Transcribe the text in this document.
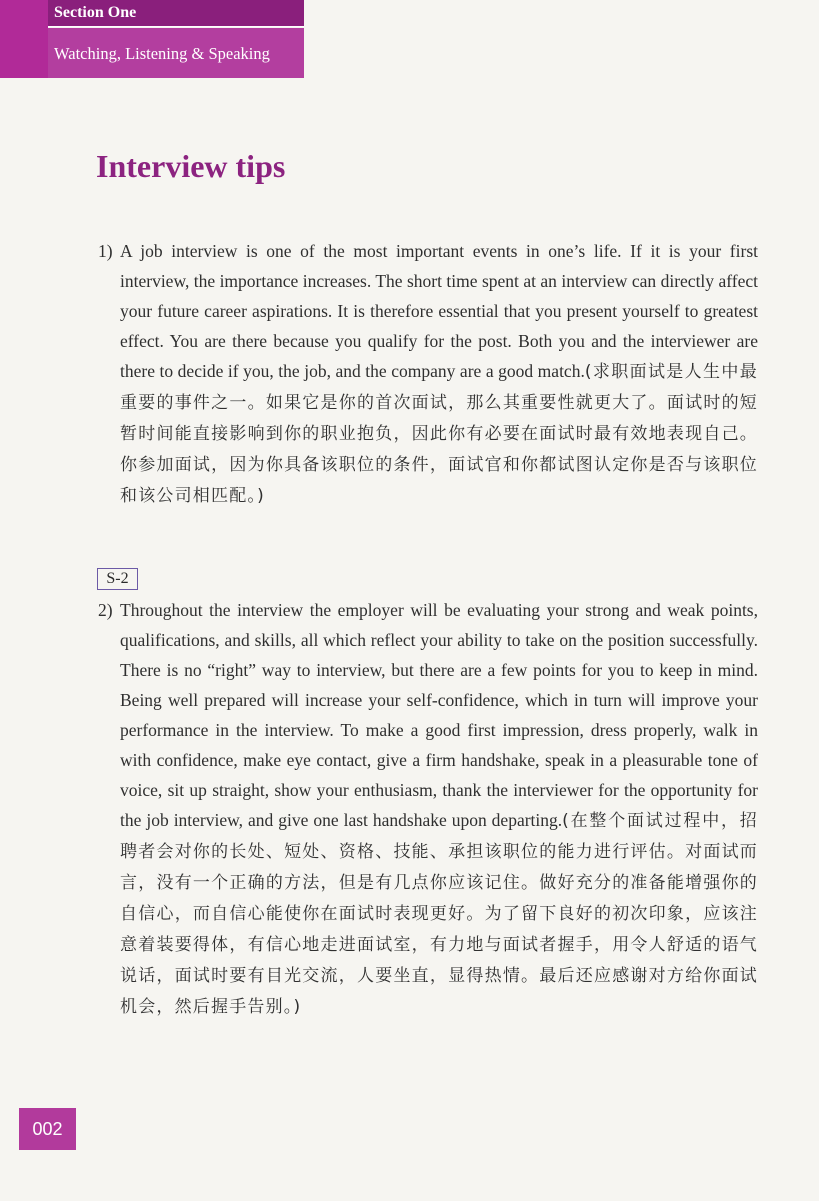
Section One
Watching, Listening & Speaking
Interview tips
1) A job interview is one of the most important events in one’s life. If it is your first interview, the importance increases. The short time spent at an interview can directly affect your future career aspirations. It is therefore essential that you present yourself to greatest effect. You are there because you qualify for the post. Both you and the interviewer are there to decide if you, the job, and the company are a good match.(求职面试是人生中最重要的事件之一。如果它是你的首次面试，那么其重要性就更大了。面试时的短暂时间能直接影响到你的职业抱负，因此你有必要在面试时最有效地表现自己。你参加面试，因为你具备该职位的条件，面试官和你都试图认定你是否与该职位和该公司相匹配。)
S-2
2) Throughout the interview the employer will be evaluating your strong and weak points, qualifications, and skills, all which reflect your ability to take on the position successfully. There is no “right” way to interview, but there are a few points for you to keep in mind. Being well prepared will increase your self-confidence, which in turn will improve your performance in the interview. To make a good first impression, dress properly, walk in with confidence, make eye contact, give a firm handshake, speak in a pleasurable tone of voice, sit up straight, show your enthusiasm, thank the interviewer for the opportunity for the job interview, and give one last handshake upon departing.(在整个面试过程中，招聘者会对你的长处、短处、资格、技能、承担该职位的能力进行评估。对面试而言，没有一个正确的方法，但是有几点你应该记住。做好充分的准备能增强你的自信心，而自信心能使你在面试时表现更好。为了留下良好的初次印象，应该注意着装要得体，有信心地走进面试室，有力地与面试者握手，用令人舒适的语气说话，面试时要有目光交流，人要坐直，显得热情。最后还应感谢对方给你面试机会，然后握手告别。)
002
